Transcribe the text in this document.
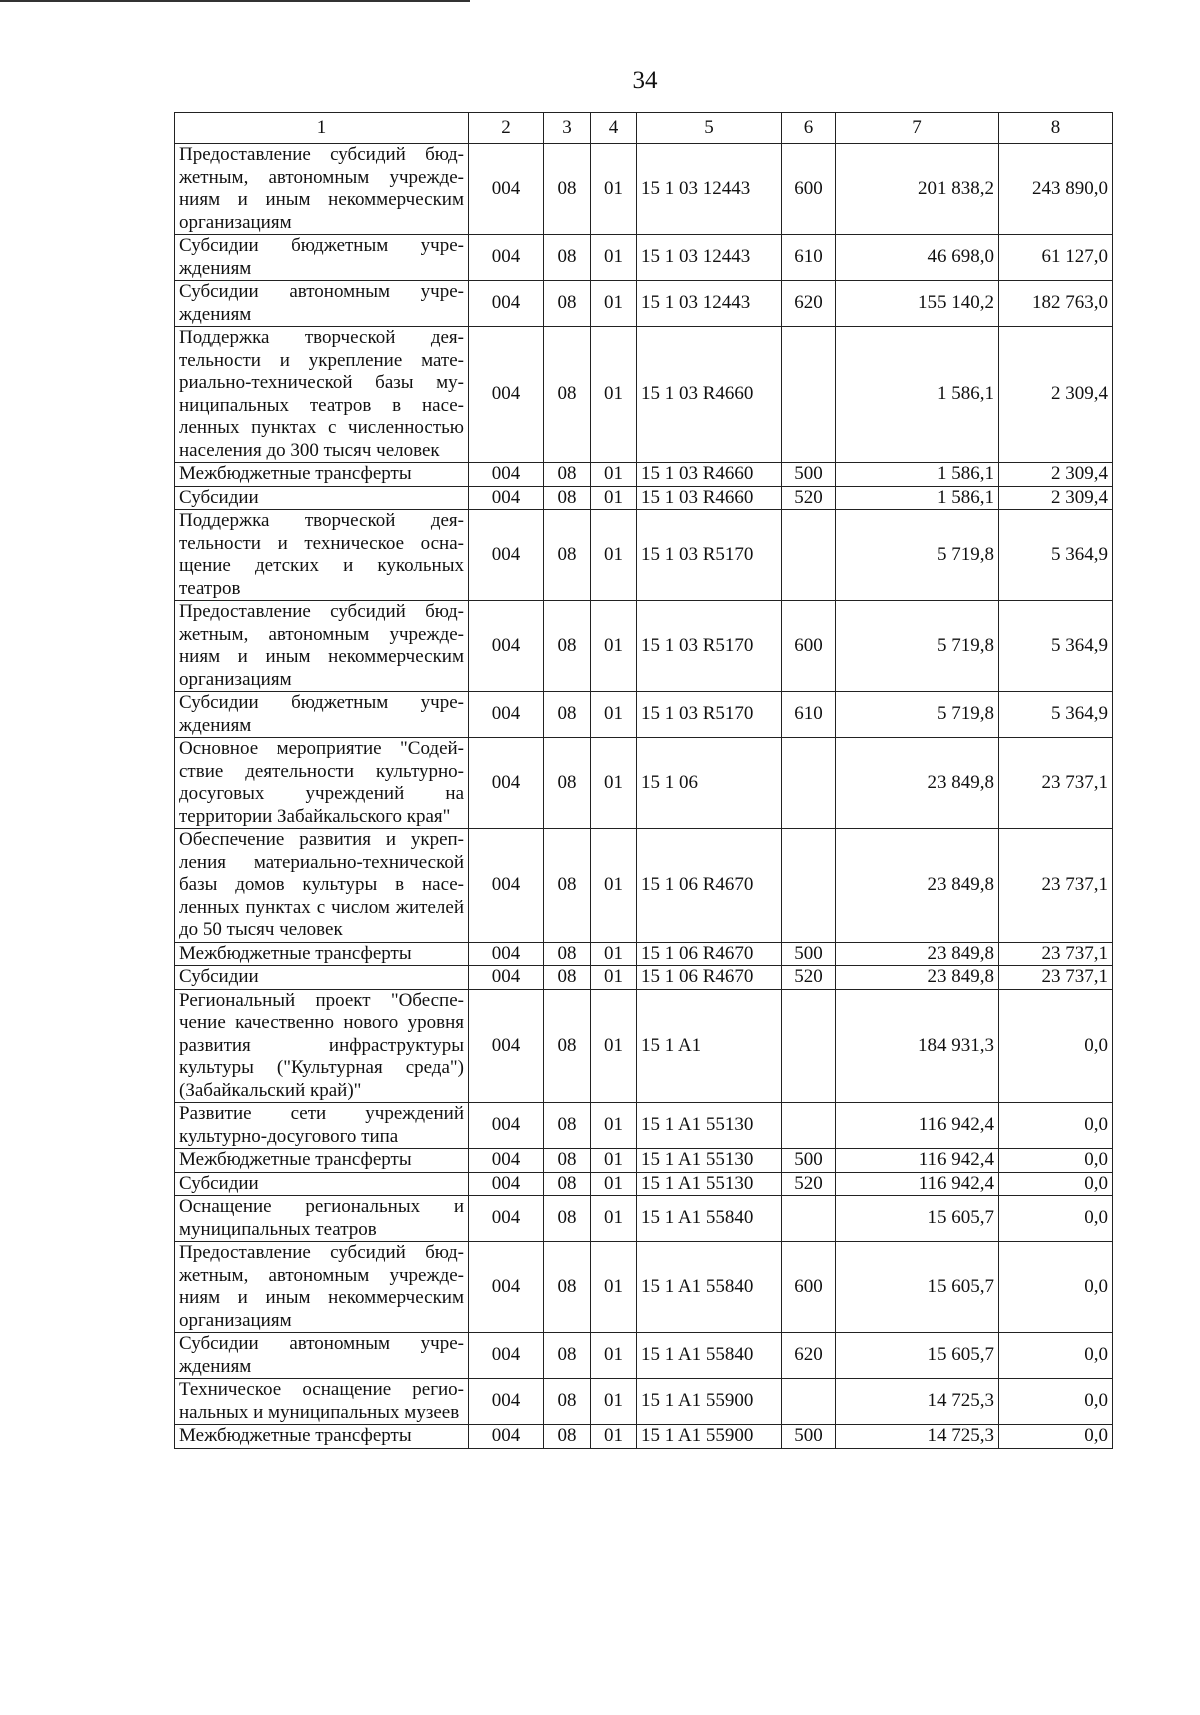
34
1	2	3	4	5	6	7	8
Предоставление субсидий бюджетным, автономным учреждениям и иным некоммерческим организациям	004	08	01	15 1 03 12443	600	201 838,2	243 890,0
Субсидии бюджетным учреждениям	004	08	01	15 1 03 12443	610	46 698,0	61 127,0
Субсидии автономным учреждениям	004	08	01	15 1 03 12443	620	155 140,2	182 763,0
Поддержка творческой деятельности и укрепление материально-технической базы муниципальных театров в населенных пунктах с численностью населения до 300 тысяч человек	004	08	01	15 1 03 R4660		1 586,1	2 309,4
Межбюджетные трансферты	004	08	01	15 1 03 R4660	500	1 586,1	2 309,4
Субсидии	004	08	01	15 1 03 R4660	520	1 586,1	2 309,4
Поддержка творческой деятельности и техническое оснащение детских и кукольных театров	004	08	01	15 1 03 R5170		5 719,8	5 364,9
Предоставление субсидий бюджетным, автономным учреждениям и иным некоммерческим организациям	004	08	01	15 1 03 R5170	600	5 719,8	5 364,9
Субсидии бюджетным учреждениям	004	08	01	15 1 03 R5170	610	5 719,8	5 364,9
Основное мероприятие "Содействие деятельности культурно-досуговых учреждений на территории Забайкальского края"	004	08	01	15 1 06		23 849,8	23 737,1
Обеспечение развития и укрепления материально-технической базы домов культуры в населенных пунктах с числом жителей до 50 тысяч человек	004	08	01	15 1 06 R4670		23 849,8	23 737,1
Межбюджетные трансферты	004	08	01	15 1 06 R4670	500	23 849,8	23 737,1
Субсидии	004	08	01	15 1 06 R4670	520	23 849,8	23 737,1
Региональный проект "Обеспечение качественно нового уровня развития инфраструктуры культуры ("Культурная среда") (Забайкальский край)"	004	08	01	15 1 A1		184 931,3	0,0
Развитие сети учреждений культурно-досугового типа	004	08	01	15 1 A1 55130		116 942,4	0,0
Межбюджетные трансферты	004	08	01	15 1 A1 55130	500	116 942,4	0,0
Субсидии	004	08	01	15 1 A1 55130	520	116 942,4	0,0
Оснащение региональных и муниципальных театров	004	08	01	15 1 A1 55840		15 605,7	0,0
Предоставление субсидий бюджетным, автономным учреждениям и иным некоммерческим организациям	004	08	01	15 1 A1 55840	600	15 605,7	0,0
Субсидии автономным учреждениям	004	08	01	15 1 A1 55840	620	15 605,7	0,0
Техническое оснащение региональных и муниципальных музеев	004	08	01	15 1 A1 55900		14 725,3	0,0
Межбюджетные трансферты	004	08	01	15 1 A1 55900	500	14 725,3	0,0
